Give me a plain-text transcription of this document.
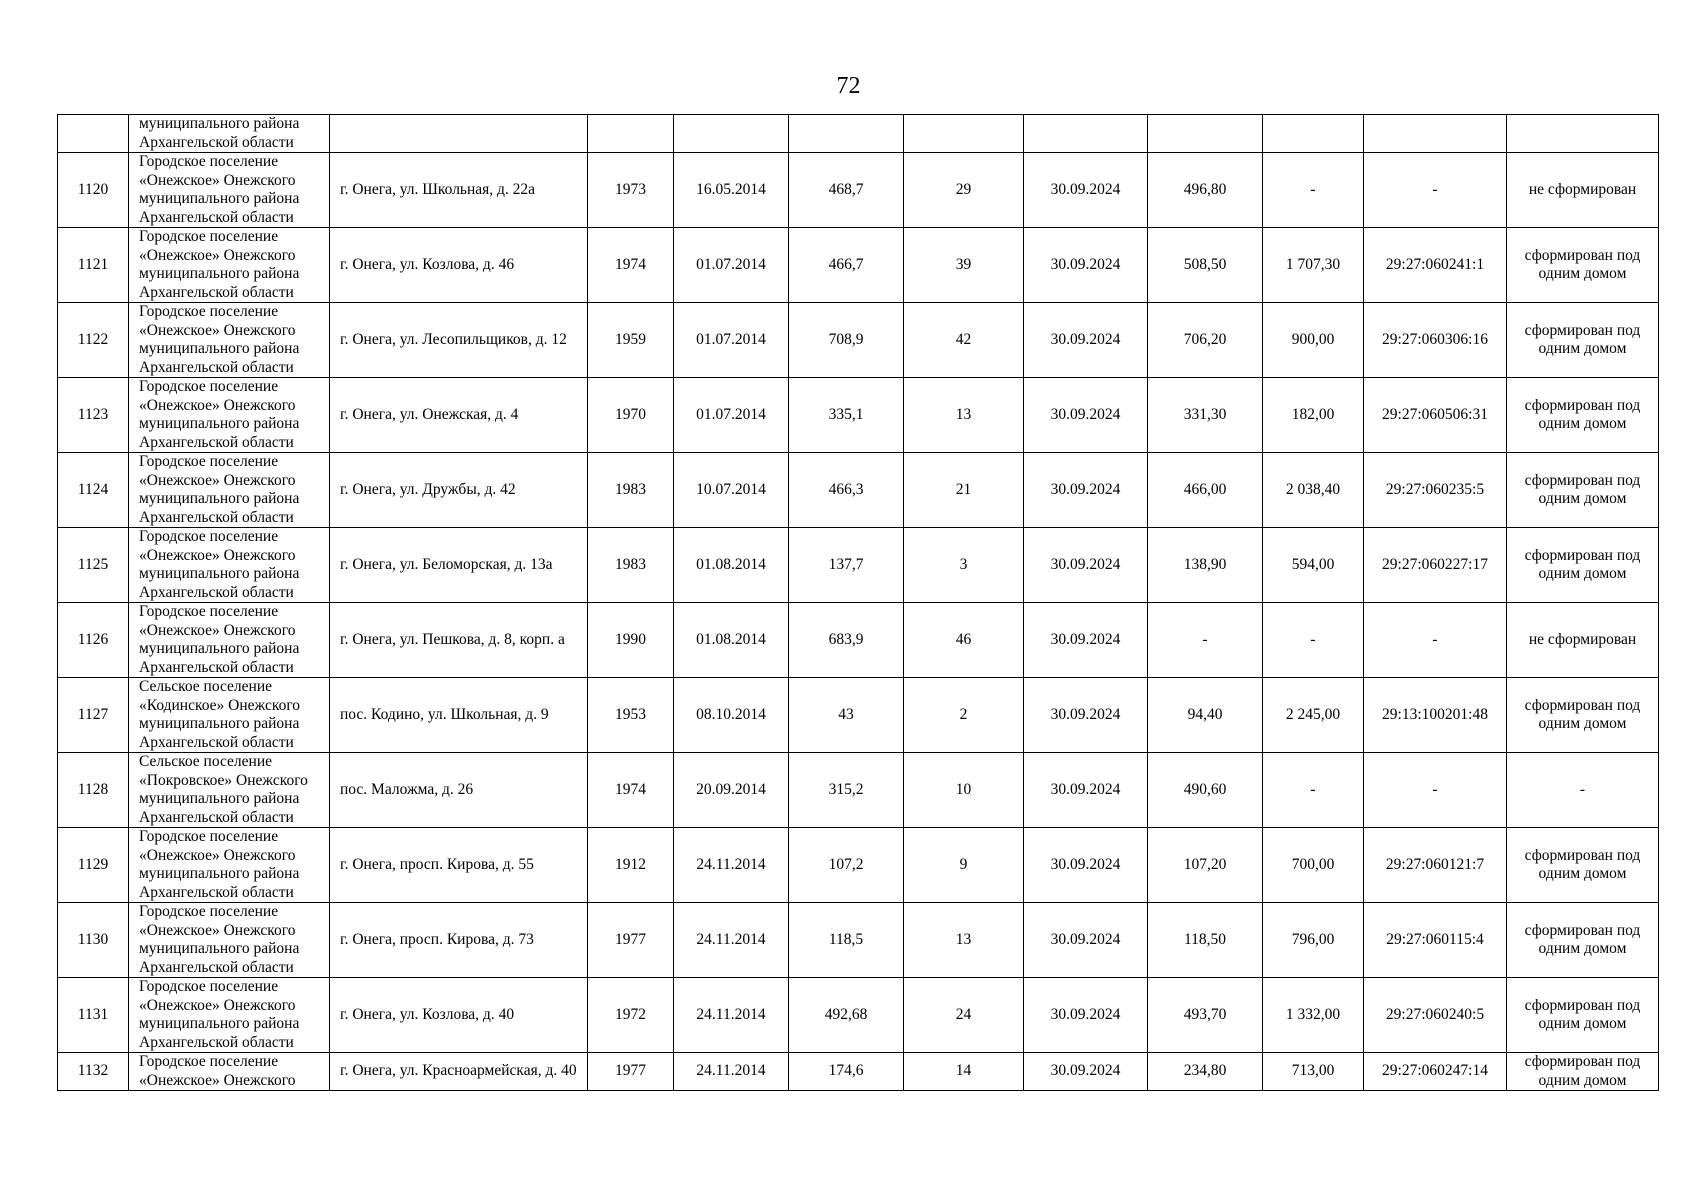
72
	муниципального района Архангельской области										
1120	Городское поселение «Онежское» Онежского муниципального района Архангельской области	г. Онега, ул. Школьная, д. 22а	1973	16.05.2014	468,7	29	30.09.2024	496,80	-	-	не сформирован
1121	Городское поселение «Онежское» Онежского муниципального района Архангельской области	г. Онега, ул. Козлова, д. 46	1974	01.07.2014	466,7	39	30.09.2024	508,50	1 707,30	29:27:060241:1	сформирован под одним домом
1122	Городское поселение «Онежское» Онежского муниципального района Архангельской области	г. Онега, ул. Лесопильщиков, д. 12	1959	01.07.2014	708,9	42	30.09.2024	706,20	900,00	29:27:060306:16	сформирован под одним домом
1123	Городское поселение «Онежское» Онежского муниципального района Архангельской области	г. Онега, ул. Онежская, д. 4	1970	01.07.2014	335,1	13	30.09.2024	331,30	182,00	29:27:060506:31	сформирован под одним домом
1124	Городское поселение «Онежское» Онежского муниципального района Архангельской области	г. Онега, ул. Дружбы, д. 42	1983	10.07.2014	466,3	21	30.09.2024	466,00	2 038,40	29:27:060235:5	сформирован под одним домом
1125	Городское поселение «Онежское» Онежского муниципального района Архангельской области	г. Онега, ул. Беломорская, д. 13а	1983	01.08.2014	137,7	3	30.09.2024	138,90	594,00	29:27:060227:17	сформирован под одним домом
1126	Городское поселение «Онежское» Онежского муниципального района Архангельской области	г. Онега, ул. Пешкова, д. 8, корп. а	1990	01.08.2014	683,9	46	30.09.2024	-	-	-	не сформирован
1127	Сельское поселение «Кодинское» Онежского муниципального района Архангельской области	пос. Кодино, ул. Школьная, д. 9	1953	08.10.2014	43	2	30.09.2024	94,40	2 245,00	29:13:100201:48	сформирован под одним домом
1128	Сельское поселение «Покровское» Онежского муниципального района Архангельской области	пос. Маложма, д. 26	1974	20.09.2014	315,2	10	30.09.2024	490,60	-	-	-
1129	Городское поселение «Онежское» Онежского муниципального района Архангельской области	г. Онега, просп. Кирова, д. 55	1912	24.11.2014	107,2	9	30.09.2024	107,20	700,00	29:27:060121:7	сформирован под одним домом
1130	Городское поселение «Онежское» Онежского муниципального района Архангельской области	г. Онега, просп. Кирова, д. 73	1977	24.11.2014	118,5	13	30.09.2024	118,50	796,00	29:27:060115:4	сформирован под одним домом
1131	Городское поселение «Онежское» Онежского муниципального района Архангельской области	г. Онега, ул. Козлова, д. 40	1972	24.11.2014	492,68	24	30.09.2024	493,70	1 332,00	29:27:060240:5	сформирован под одним домом
1132	Городское поселение «Онежское» Онежского	г. Онега, ул. Красноармейская, д. 40	1977	24.11.2014	174,6	14	30.09.2024	234,80	713,00	29:27:060247:14	сформирован под одним домом
